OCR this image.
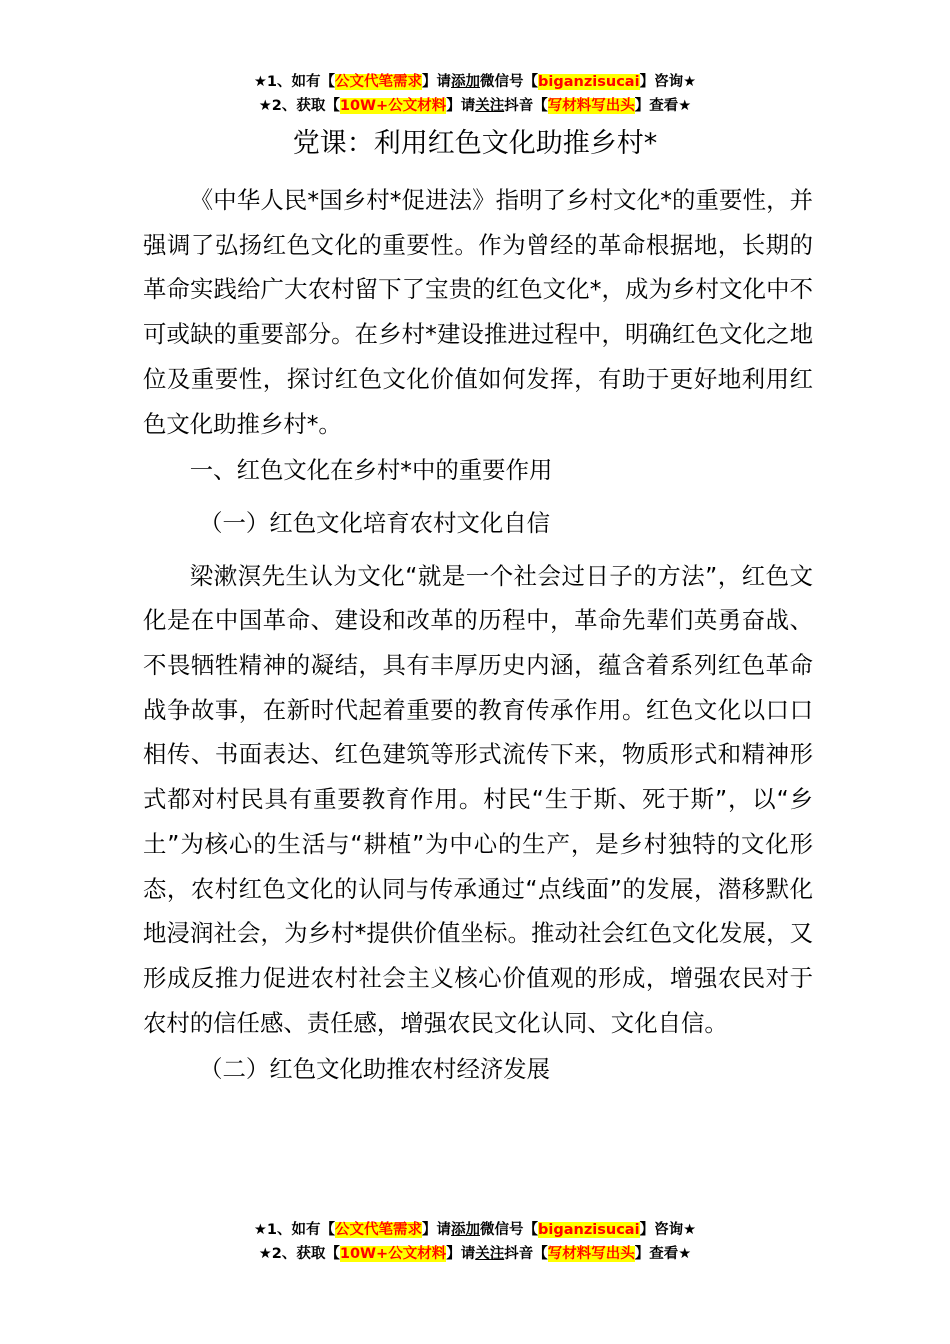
★1、如有【公文代笔需求】请添加微信号【biganzisucai】咨询★
★2、获取【10W+公文材料】请关注抖音【写材料写出头】查看★
党课：利用红色文化助推乡村*

《中华人民*国乡村*促进法》指明了乡村文化*的重要性，并强调了弘扬红色文化的重要性。作为曾经的革命根据地，长期的革命实践给广大农村留下了宝贵的红色文化*，成为乡村文化中不可或缺的重要部分。在乡村*建设推进过程中，明确红色文化之地位及重要性，探讨红色文化价值如何发挥，有助于更好地利用红色文化助推乡村*。

一、红色文化在乡村*中的重要作用

（一）红色文化培育农村文化自信

梁漱溟先生认为文化“就是一个社会过日子的方法”，红色文化是在中国革命、建设和改革的历程中，革命先辈们英勇奋战、不畏牺牲精神的凝结，具有丰厚历史内涵，蕴含着系列红色革命战争故事，在新时代起着重要的教育传承作用。红色文化以口口相传、书面表达、红色建筑等形式流传下来，物质形式和精神形式都对村民具有重要教育作用。村民“生于斯、死于斯”，以“乡土”为核心的生活与“耕植”为中心的生产，是乡村独特的文化形态，农村红色文化的认同与传承通过“点线面”的发展，潜移默化地浸润社会，为乡村*提供价值坐标。推动社会红色文化发展，又形成反推力促进农村社会主义核心价值观的形成，增强农民对于农村的信任感、责任感，增强农民文化认同、文化自信。

（二）红色文化助推农村经济发展

★1、如有【公文代笔需求】请添加微信号【biganzisucai】咨询★
★2、获取【10W+公文材料】请关注抖音【写材料写出头】查看★
